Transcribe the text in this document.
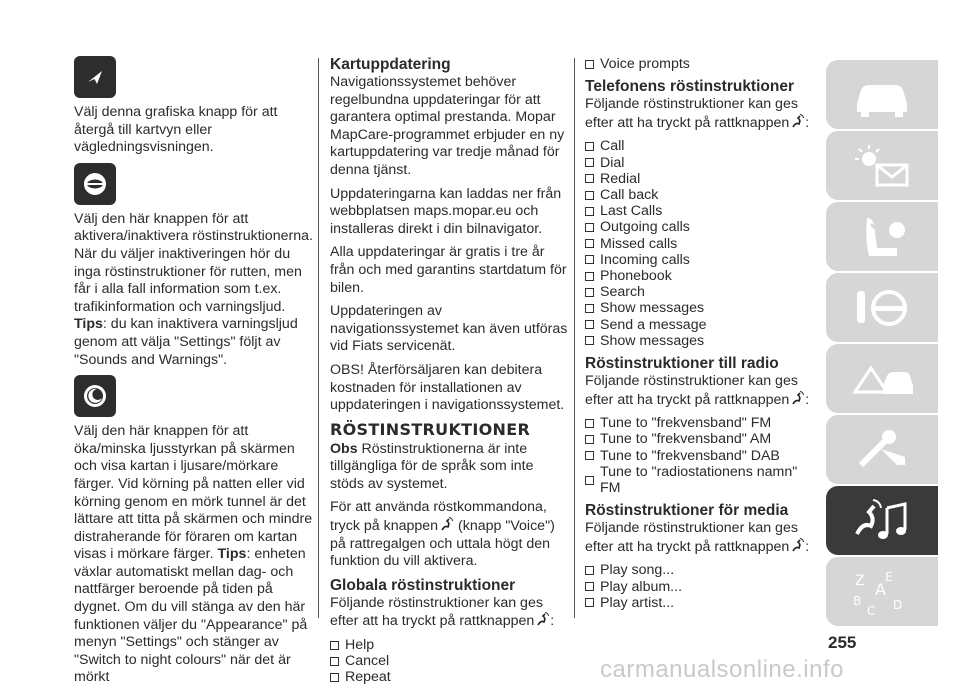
Välj denna grafiska knapp för att återgå till kartvyn eller vägledningsvisningen.

Välj den här knappen för att aktivera/inaktivera röstinstruktionerna. När du väljer inaktiveringen hör du inga röstinstruktioner för rutten, men får i alla fall information som t.ex. trafikinformation och varningsljud. Tips: du kan inaktivera varningsljud genom att välja "Settings" följt av "Sounds and Warnings".

Välj den här knappen för att öka/minska ljusstyrkan på skärmen och visa kartan i ljusare/mörkare färger. Vid körning på natten eller vid körning genom en mörk tunnel är det lättare att titta på skärmen och mindre distraherande för föraren om kartan visas i mörkare färger. Tips: enheten växlar automatiskt mellan dag- och nattfärger beroende på tiden på dygnet. Om du vill stänga av den här funktionen väljer du "Appearance" på menyn "Settings" och stänger av "Switch to night colours" när det är mörkt

Kartuppdatering

Navigationssystemet behöver regelbundna uppdateringar för att garantera optimal prestanda. Mopar MapCare-programmet erbjuder en ny kartuppdatering var tredje månad för denna tjänst.

Uppdateringarna kan laddas ner från webbplatsen maps.mopar.eu och installeras direkt i din bilnavigator.

Alla uppdateringar är gratis i tre år från och med garantins startdatum för bilen.

Uppdateringen av navigationssystemet kan även utföras vid Fiats servicenät.

OBS! Återförsäljaren kan debitera kostnaden för installationen av uppdateringen i navigationssystemet.

RÖSTINSTRUKTIONER

Obs Röstinstruktionerna är inte tillgängliga för de språk som inte stöds av systemet.

För att använda röstkommandona, tryck på knappen (knapp "Voice") på rattregalgen och uttala högt den funktion du vill aktivera.

Globala röstinstruktioner

Följande röstinstruktioner kan ges efter att ha tryckt på rattknappen :

Help
Cancel
Repeat
Voice prompts
Telefonens röstinstruktioner

Följande röstinstruktioner kan ges efter att ha tryckt på rattknappen :

Call
Dial
Redial
Call back
Last Calls
Outgoing calls
Missed calls
Incoming calls
Phonebook
Search
Show messages
Send a message
Show messages
Röstinstruktioner till radio

Följande röstinstruktioner kan ges efter att ha tryckt på rattknappen :

Tune to "frekvensband" FM
Tune to "frekvensband" AM
Tune to "frekvensband" DAB
Tune to "radiostationens namn" FM
Röstinstruktioner för media

Följande röstinstruktioner kan ges efter att ha tryckt på rattknappen :

Play song...
Play album...
Play artist...
Z E
A
B
C D
255
carmanualsonline.info
